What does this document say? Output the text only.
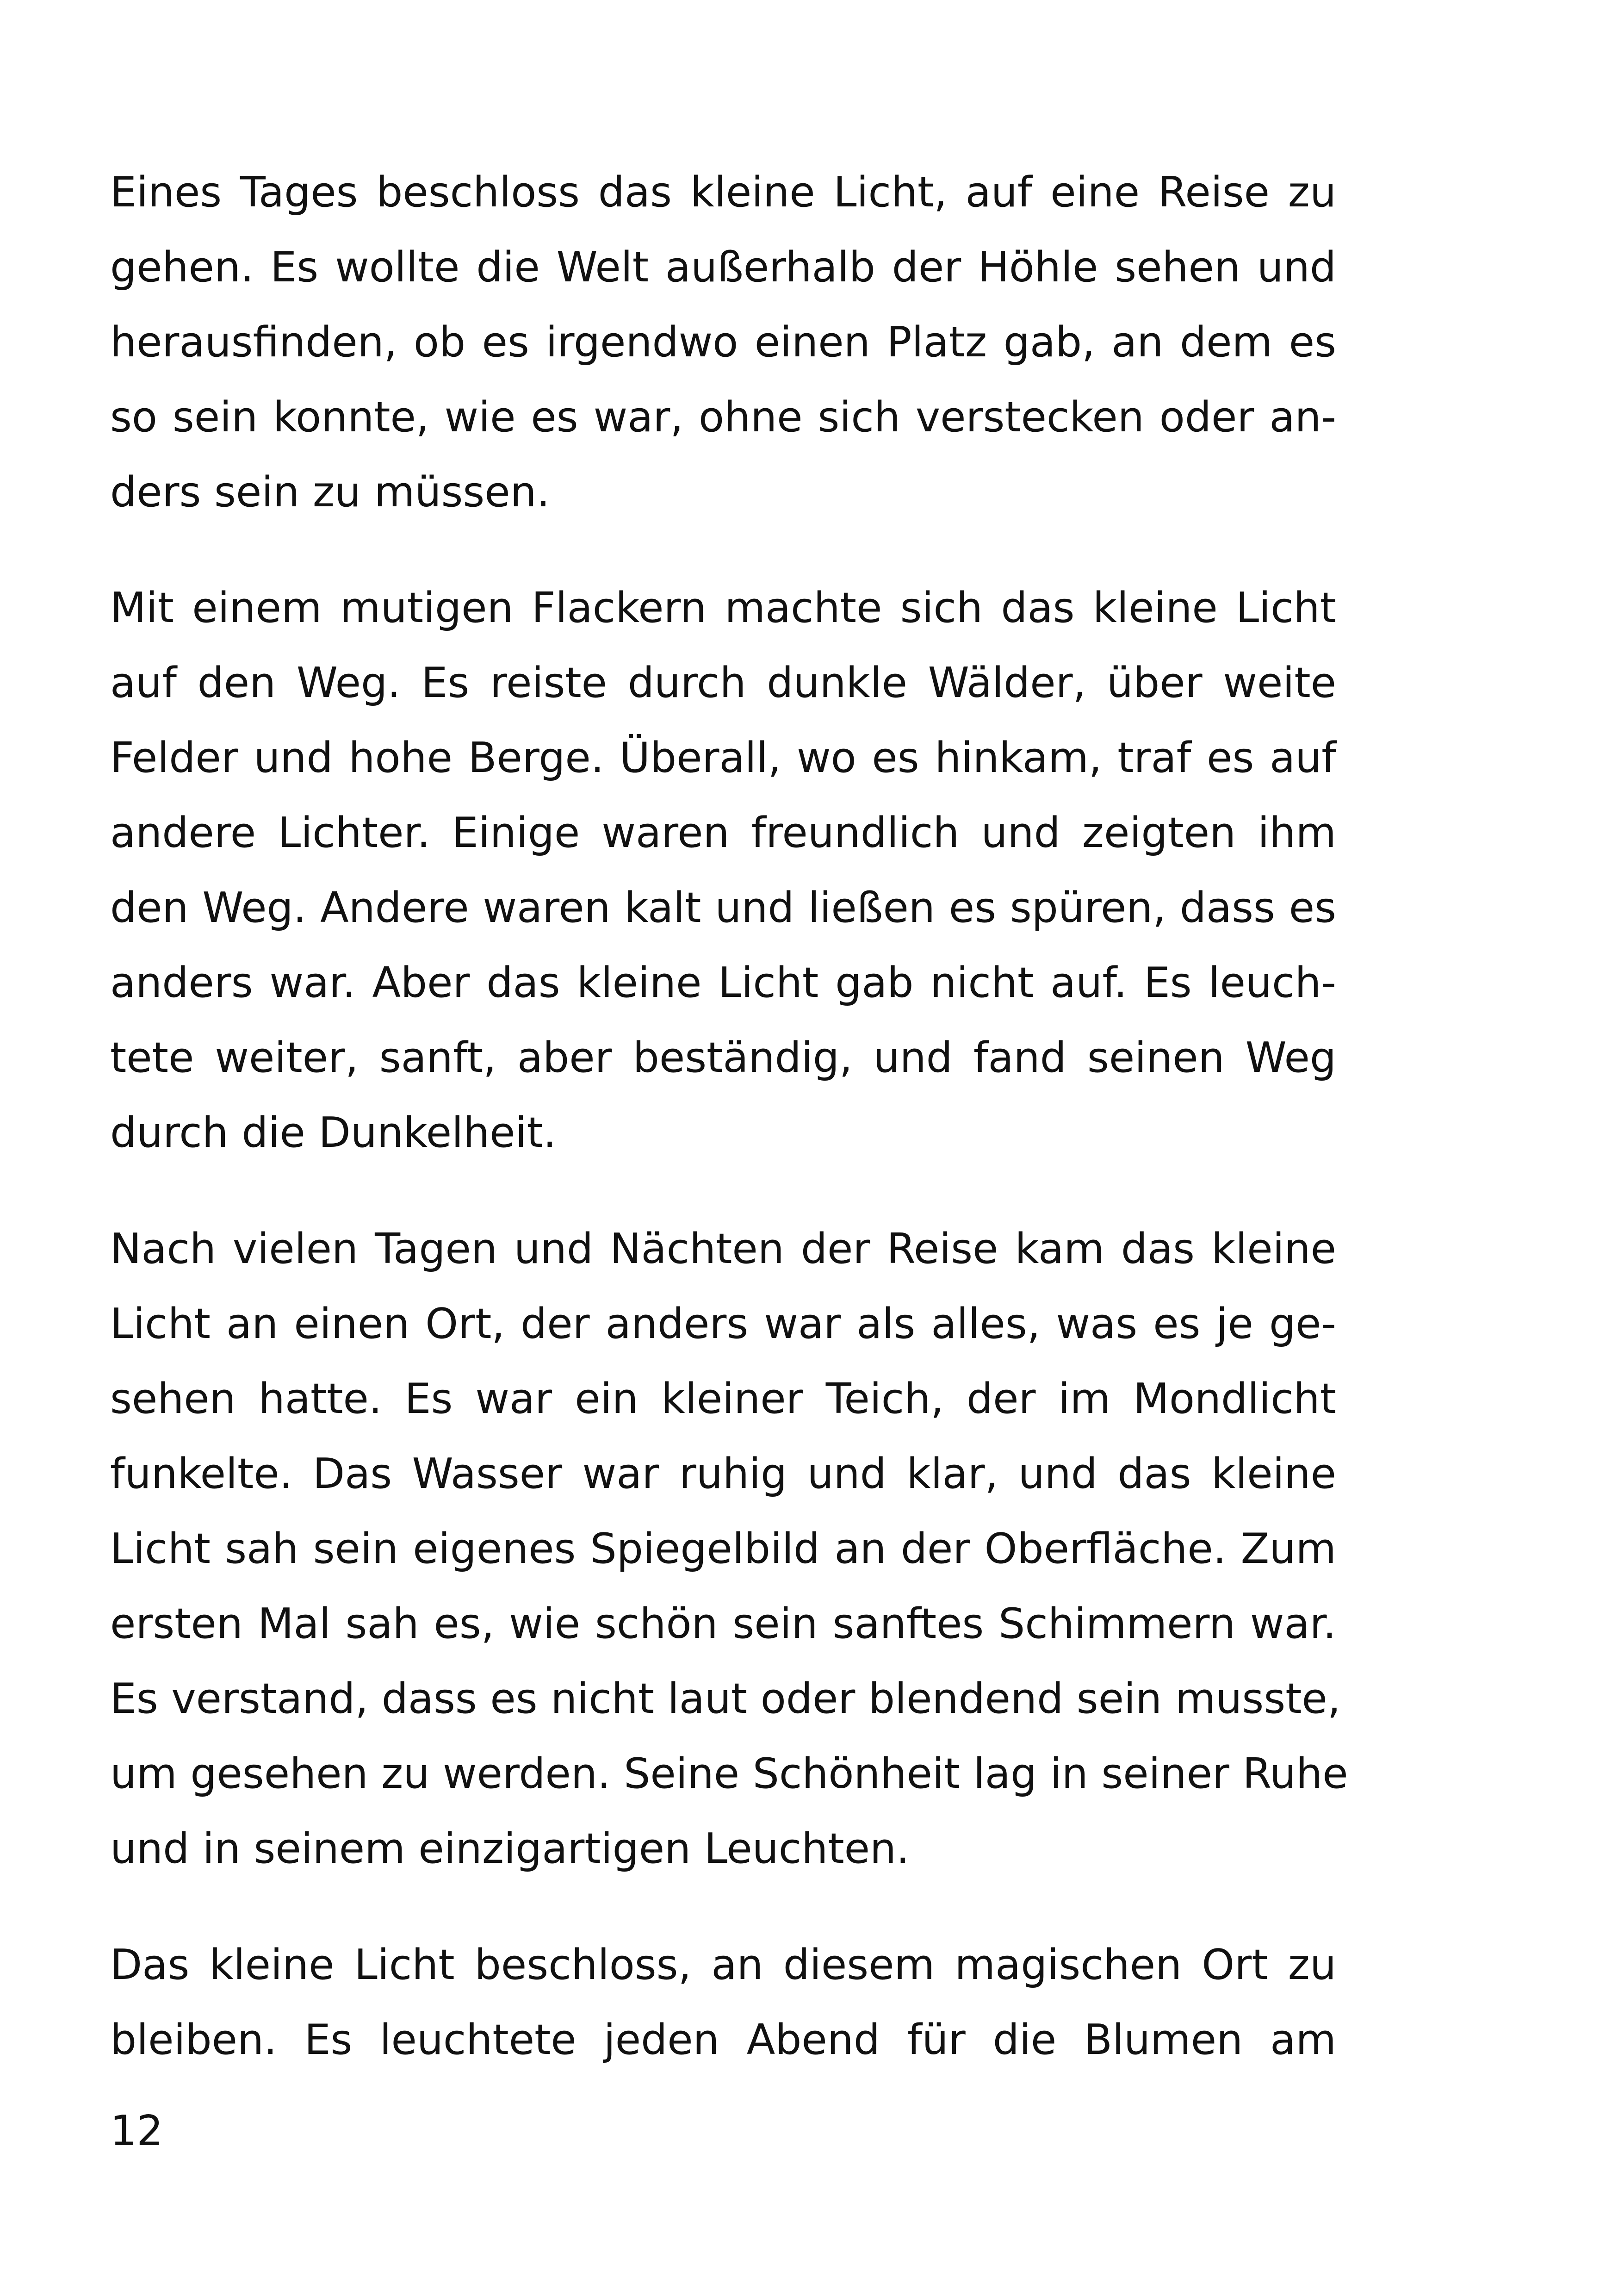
Eines Tages beschloss das kleine Licht, auf eine Reise zu
gehen. Es wollte die Welt außerhalb der Höhle sehen und
herausfinden, ob es irgendwo einen Platz gab, an dem es
so sein konnte, wie es war, ohne sich verstecken oder an-
ders sein zu müssen.
Mit einem mutigen Flackern machte sich das kleine Licht
auf den Weg. Es reiste durch dunkle Wälder, über weite
Felder und hohe Berge. Überall, wo es hinkam, traf es auf
andere Lichter. Einige waren freundlich und zeigten ihm
den Weg. Andere waren kalt und ließen es spüren, dass es
anders war. Aber das kleine Licht gab nicht auf. Es leuch-
tete weiter, sanft, aber beständig, und fand seinen Weg
durch die Dunkelheit.
Nach vielen Tagen und Nächten der Reise kam das kleine
Licht an einen Ort, der anders war als alles, was es je ge-
sehen hatte. Es war ein kleiner Teich, der im Mondlicht
funkelte. Das Wasser war ruhig und klar, und das kleine
Licht sah sein eigenes Spiegelbild an der Oberfläche. Zum
ersten Mal sah es, wie schön sein sanftes Schimmern war.
Es verstand, dass es nicht laut oder blendend sein musste,
um gesehen zu werden. Seine Schönheit lag in seiner Ruhe
und in seinem einzigartigen Leuchten.
Das kleine Licht beschloss, an diesem magischen Ort zu
bleiben. Es leuchtete jeden Abend für die Blumen am
12
